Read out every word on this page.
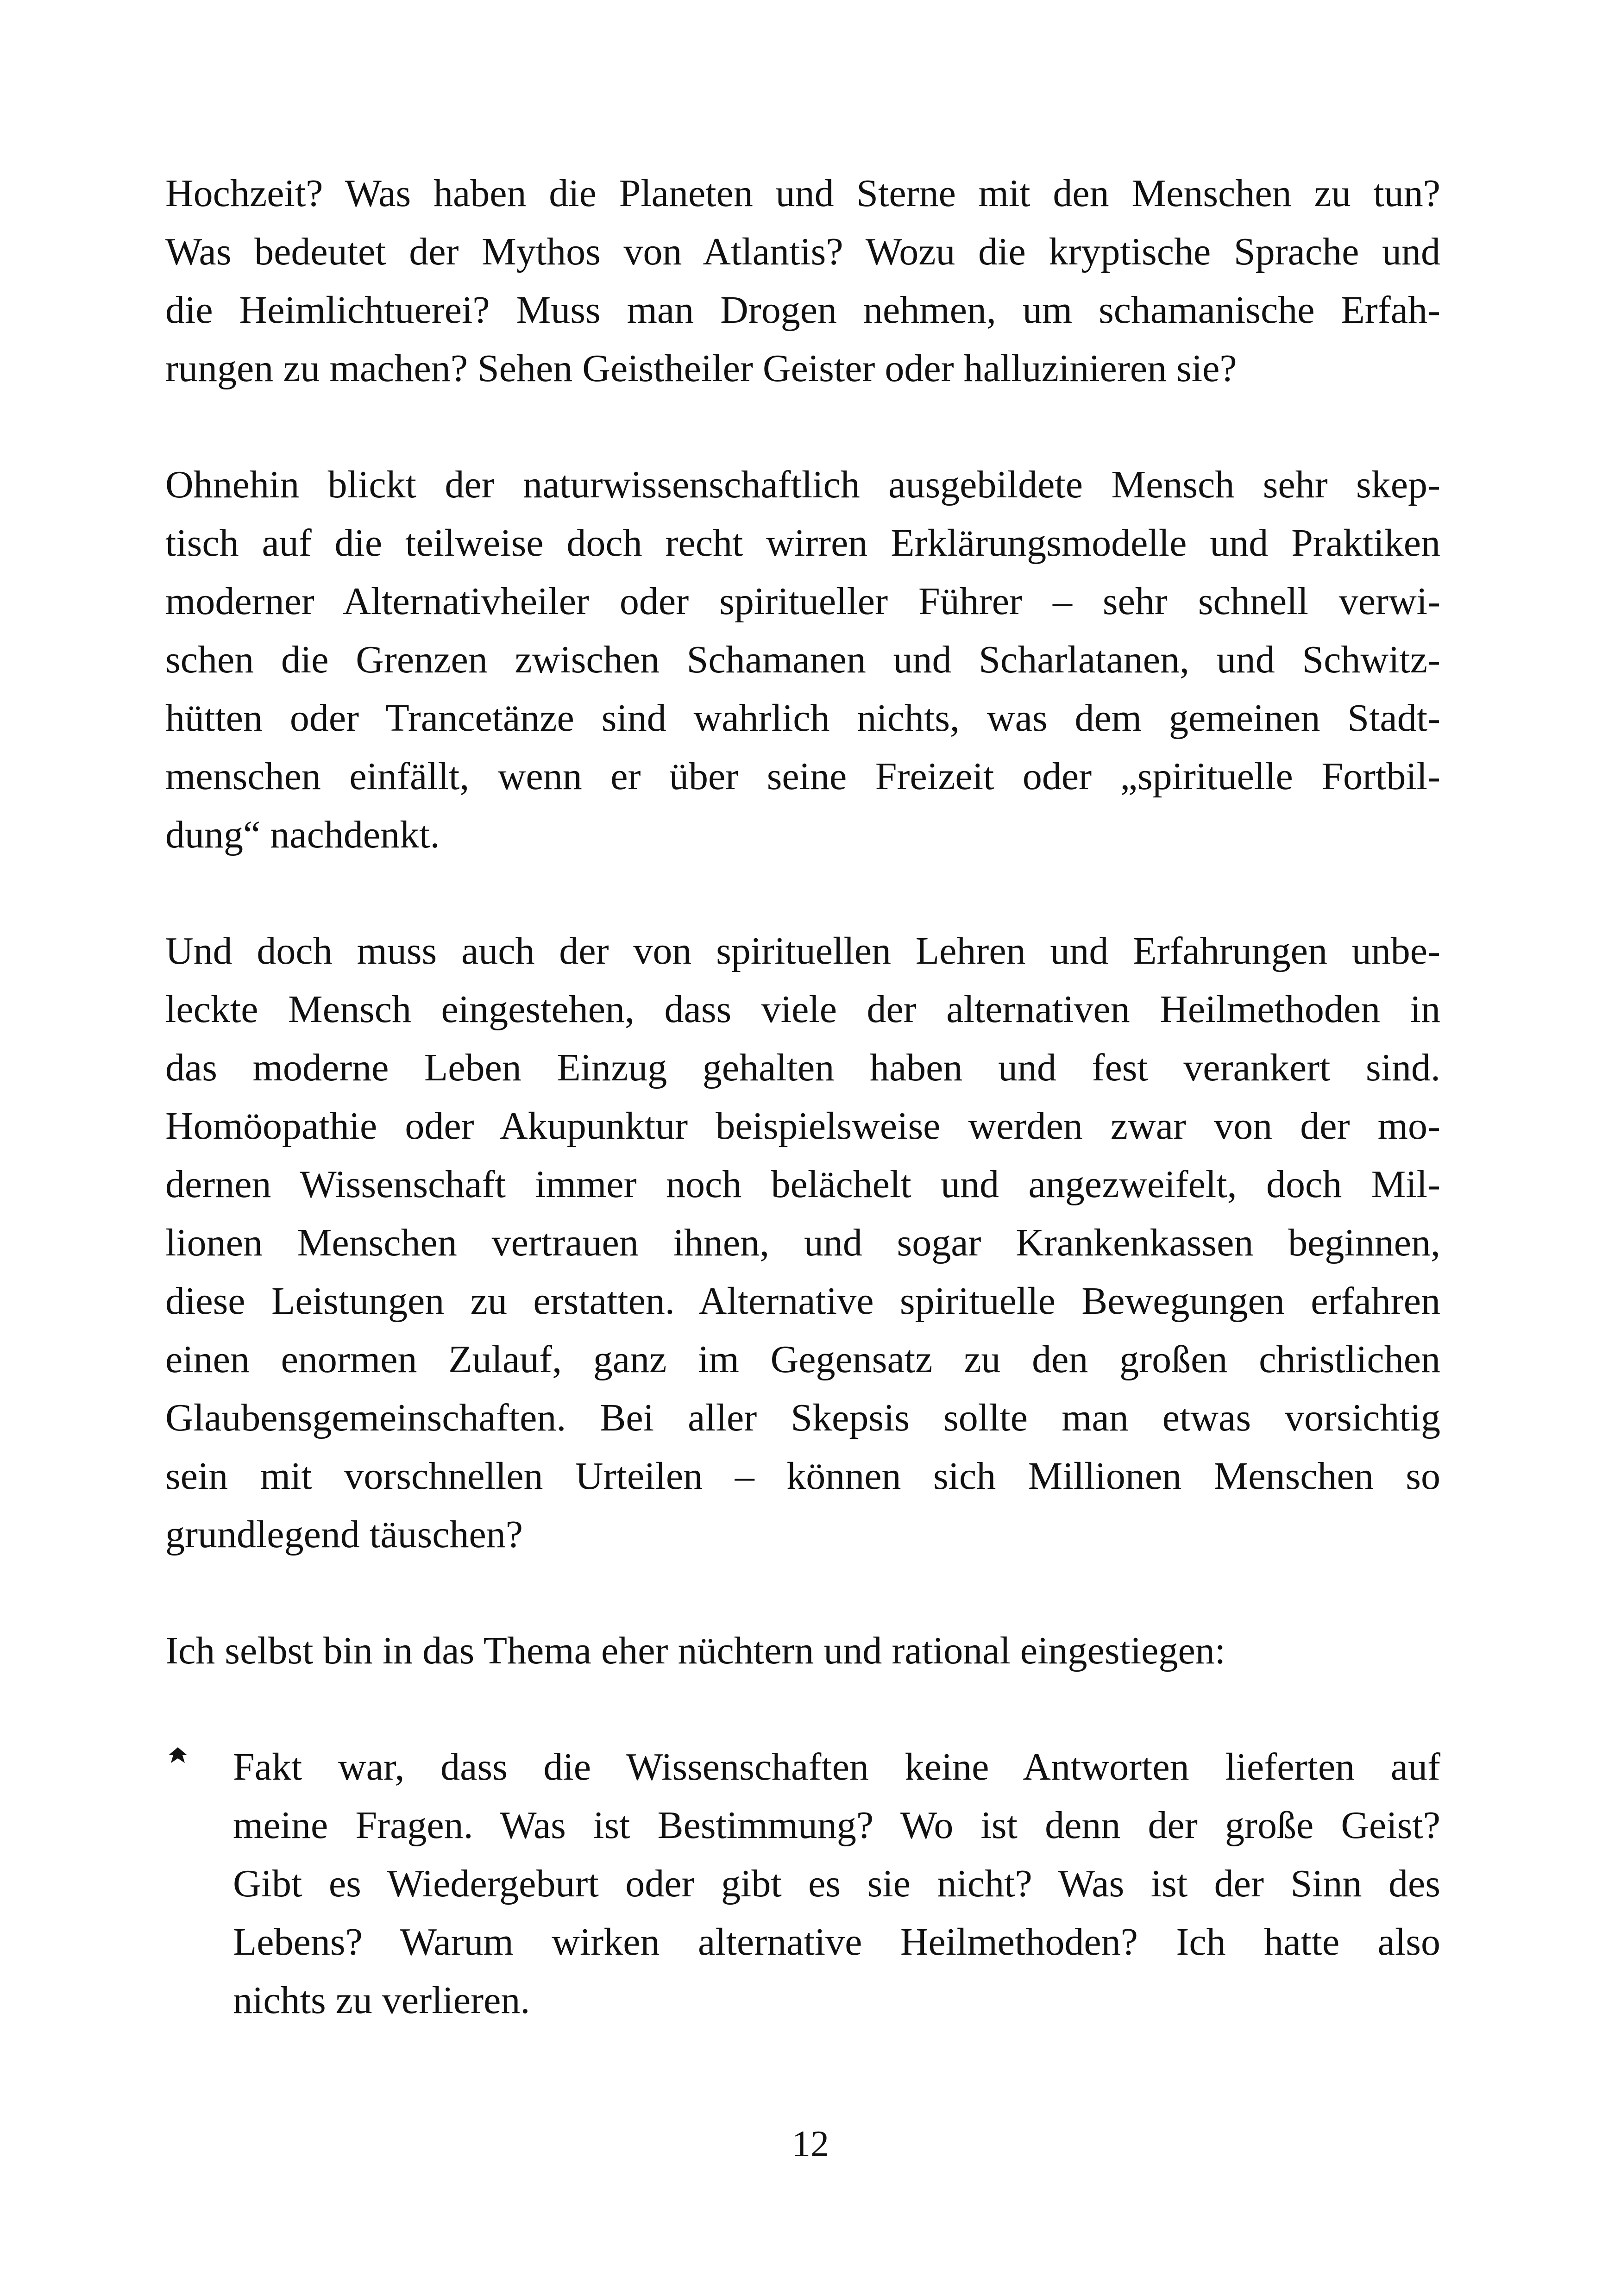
Hochzeit? Was haben die Planeten und Sterne mit den Menschen zu tun?
Was bedeutet der Mythos von Atlantis? Wozu die kryptische Sprache und
die Heimlichtuerei? Muss man Drogen nehmen, um schamanische Erfah-
rungen zu machen? Sehen Geistheiler Geister oder halluzinieren sie?

Ohnehin blickt der naturwissenschaftlich ausgebildete Mensch sehr skep-
tisch auf die teilweise doch recht wirren Erklärungsmodelle und Praktiken
moderner Alternativheiler oder spiritueller Führer – sehr schnell verwi-
schen die Grenzen zwischen Schamanen und Scharlatanen, und Schwitz-
hütten oder Trancetänze sind wahrlich nichts, was dem gemeinen Stadt-
menschen einfällt, wenn er über seine Freizeit oder „spirituelle Fortbil-
dung“ nachdenkt.

Und doch muss auch der von spirituellen Lehren und Erfahrungen unbe-
leckte Mensch eingestehen, dass viele der alternativen Heilmethoden in
das moderne Leben Einzug gehalten haben und fest verankert sind.
Homöopathie oder Akupunktur beispielsweise werden zwar von der mo-
dernen Wissenschaft immer noch belächelt und angezweifelt, doch Mil-
lionen Menschen vertrauen ihnen, und sogar Krankenkassen beginnen,
diese Leistungen zu erstatten. Alternative spirituelle Bewegungen erfahren
einen enormen Zulauf, ganz im Gegensatz zu den großen christlichen
Glaubensgemeinschaften. Bei aller Skepsis sollte man etwas vorsichtig
sein mit vorschnellen Urteilen – können sich Millionen Menschen so
grundlegend täuschen?

Ich selbst bin in das Thema eher nüchtern und rational eingestiegen:

Fakt war, dass die Wissenschaften keine Antworten lieferten auf
meine Fragen. Was ist Bestimmung? Wo ist denn der große Geist?
Gibt es Wiedergeburt oder gibt es sie nicht? Was ist der Sinn des
Lebens? Warum wirken alternative Heilmethoden? Ich hatte also
nichts zu verlieren.
12
